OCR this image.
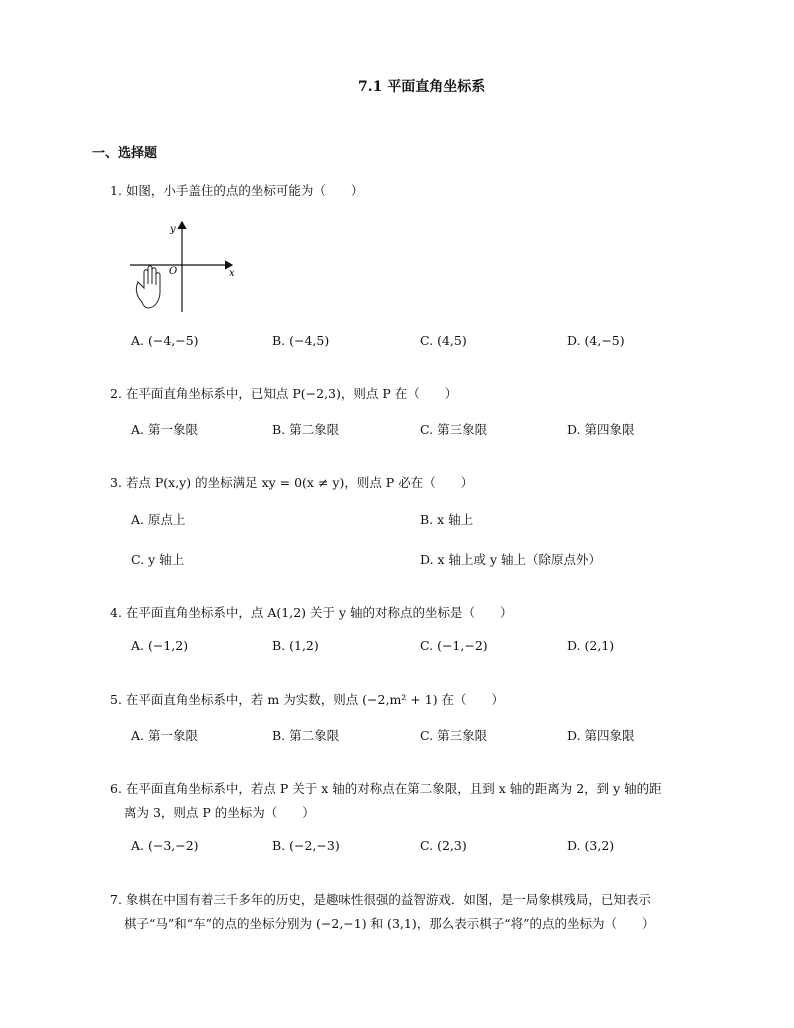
7.1 平面直角坐标系
一、选择题
1. 如图，小手盖住的点的坐标可能为（　　）
y
x
O
A. (−4,−5)	B. (−4,5)	C. (4,5)	D. (4,−5)
2. 在平面直角坐标系中，已知点 P(−2,3)，则点 P 在（　　）
A. 第一象限	B. 第二象限	C. 第三象限	D. 第四象限
3. 若点 P(x,y) 的坐标满足 xy = 0(x ≠ y)，则点 P 必在（　　）
A. 原点上	B. x 轴上
C. y 轴上	D. x 轴上或 y 轴上（除原点外）
4. 在平面直角坐标系中，点 A(1,2) 关于 y 轴的对称点的坐标是（　　）
A. (−1,2)	B. (1,2)	C. (−1,−2)	D. (2,1)
5. 在平面直角坐标系中，若 m 为实数，则点 (−2,m² + 1) 在（　　）
A. 第一象限	B. 第二象限	C. 第三象限	D. 第四象限
6. 在平面直角坐标系中，若点 P 关于 x 轴的对称点在第二象限，且到 x 轴的距离为 2，到 y 轴的距
离为 3，则点 P 的坐标为（　　）
A. (−3,−2)	B. (−2,−3)	C. (2,3)	D. (3,2)
7. 象棋在中国有着三千多年的历史，是趣味性很强的益智游戏．如图，是一局象棋残局，已知表示
棋子“马”和“车”的点的坐标分别为 (−2,−1) 和 (3,1)，那么表示棋子“将”的点的坐标为（　　）
